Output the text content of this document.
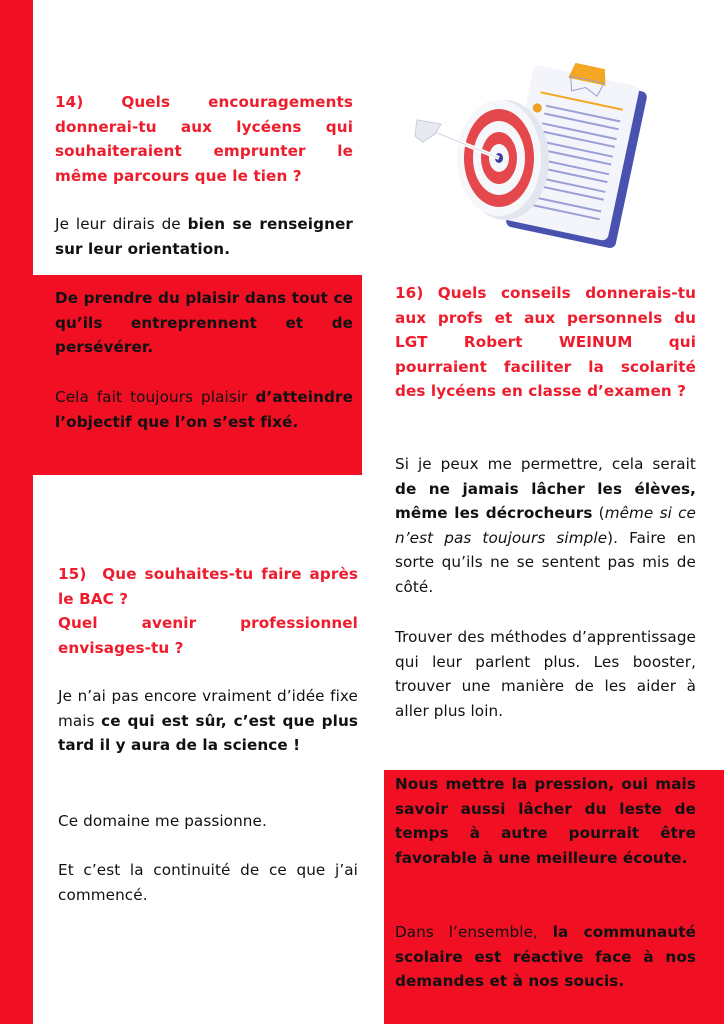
14) Quels encouragements donnerai-tu aux lycéens qui souhaiteraient emprunter le même parcours que le tien ?

Je leur dirais de bien se renseigner sur leur orientation.

De prendre du plaisir dans tout ce qu’ils entreprennent et de persévérer.

Cela fait toujours plaisir d’atteindre l’objectif que l’on s’est fixé.

16) Quels conseils donnerais-tu aux profs et aux personnels du LGT Robert WEINUM qui pourraient faciliter la scolarité des lycéens en classe d’examen ?

Si je peux me permettre, cela serait de ne jamais lâcher les élèves, même les décrocheurs (même si ce n’est pas toujours simple). Faire en sorte qu’ils ne se sentent pas mis de côté.

Trouver des méthodes d’apprentissage qui leur parlent plus. Les booster, trouver une manière de les aider à aller plus loin.

Nous mettre la pression, oui mais savoir aussi lâcher du leste de temps à autre pourrait être favorable à une meilleure écoute.

Dans l’ensemble, la communauté scolaire est réactive face à nos demandes et à nos soucis.

15)  Que souhaites-tu faire après le BAC ?

Quel avenir professionnel envisages-tu ?

Je n’ai pas encore vraiment d’idée fixe mais ce qui est sûr, c’est que plus tard il y aura de la science !

Ce domaine me passionne.

Et c’est la continuité de ce que j’ai commencé.
